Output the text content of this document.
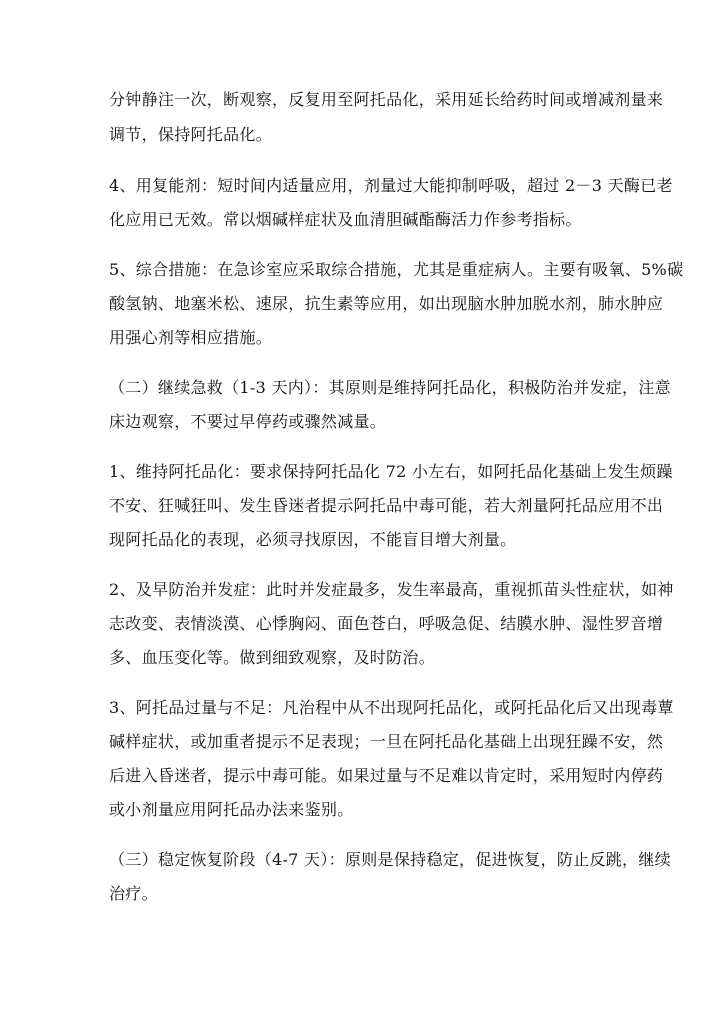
分钟静注一次，断观察，反复用至阿托品化，采用延长给药时间或增减剂量来
调节，保持阿托品化。
4、用复能剂：短时间内适量应用，剂量过大能抑制呼吸，超过 2－3 天酶已老
化应用已无效。常以烟碱样症状及血清胆碱酯酶活力作参考指标。
5、综合措施：在急诊室应采取综合措施，尤其是重症病人。主要有吸氧、5%碳
酸氢钠、地塞米松、速尿，抗生素等应用，如出现脑水肿加脱水剂，肺水肿应
用强心剂等相应措施。
（二）继续急救（1-3 天内）：其原则是维持阿托品化，积极防治并发症，注意
床边观察，不要过早停药或骤然减量。
1、维持阿托品化：要求保持阿托品化 72 小左右，如阿托品化基础上发生烦躁
不安、狂喊狂叫、发生昏迷者提示阿托品中毒可能，若大剂量阿托品应用不出
现阿托品化的表现，必须寻找原因，不能盲目增大剂量。
2、及早防治并发症：此时并发症最多，发生率最高，重视抓苗头性症状，如神
志改变、表情淡漠、心悸胸闷、面色苍白，呼吸急促、结膜水肿、湿性罗音增
多、血压变化等。做到细致观察，及时防治。
3、阿托品过量与不足：凡治程中从不出现阿托品化，或阿托品化后又出现毒蕈
碱样症状，或加重者提示不足表现；一旦在阿托品化基础上出现狂躁不安，然
后进入昏迷者，提示中毒可能。如果过量与不足难以肯定时，采用短时内停药
或小剂量应用阿托品办法来鉴别。
（三）稳定恢复阶段（4-7 天）：原则是保持稳定，促进恢复，防止反跳，继续
治疗。
